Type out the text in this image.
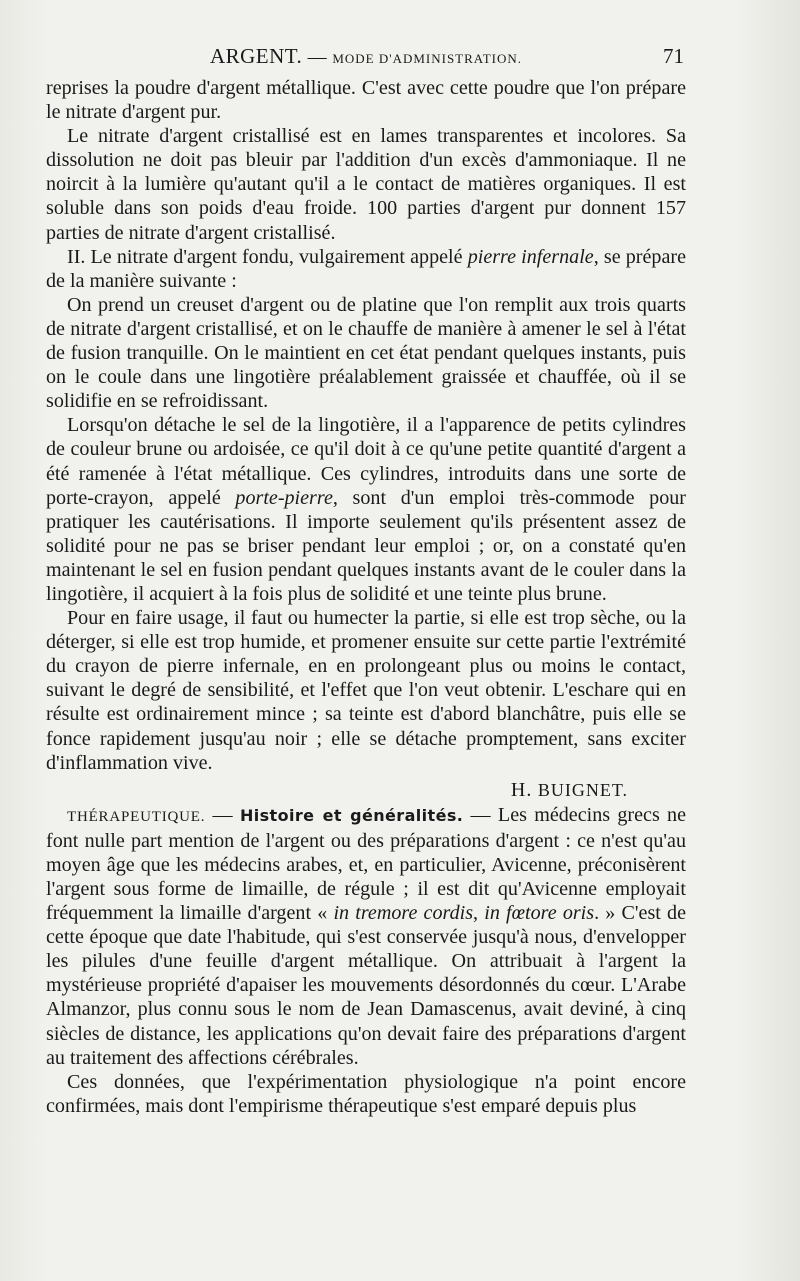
ARGENT. — MODE D'ADMINISTRATION.	71

reprises la poudre d'argent métallique. C'est avec cette poudre que l'on prépare le nitrate d'argent pur.

Le nitrate d'argent cristallisé est en lames transparentes et incolores. Sa dissolution ne doit pas bleuir par l'addition d'un excès d'ammoniaque. Il ne noircit à la lumière qu'autant qu'il a le contact de matières organiques. Il est soluble dans son poids d'eau froide. 100 parties d'argent pur donnent 157 parties de nitrate d'argent cristallisé.

II. Le nitrate d'argent fondu, vulgairement appelé pierre infernale, se prépare de la manière suivante :

On prend un creuset d'argent ou de platine que l'on remplit aux trois quarts de nitrate d'argent cristallisé, et on le chauffe de manière à amener le sel à l'état de fusion tranquille. On le maintient en cet état pendant quelques instants, puis on le coule dans une lingotière préalablement graissée et chauffée, où il se solidifie en se refroidissant.

Lorsqu'on détache le sel de la lingotière, il a l'apparence de petits cylindres de couleur brune ou ardoisée, ce qu'il doit à ce qu'une petite quantité d'argent a été ramenée à l'état métallique. Ces cylindres, introduits dans une sorte de porte-crayon, appelé porte-pierre, sont d'un emploi très-commode pour pratiquer les cautérisations. Il importe seulement qu'ils présentent assez de solidité pour ne pas se briser pendant leur emploi ; or, on a constaté qu'en maintenant le sel en fusion pendant quelques instants avant de le couler dans la lingotière, il acquiert à la fois plus de solidité et une teinte plus brune.

Pour en faire usage, il faut ou humecter la partie, si elle est trop sèche, ou la déterger, si elle est trop humide, et promener ensuite sur cette partie l'extrémité du crayon de pierre infernale, en en prolongeant plus ou moins le contact, suivant le degré de sensibilité, et l'effet que l'on veut obtenir. L'eschare qui en résulte est ordinairement mince ; sa teinte est d'abord blanchâtre, puis elle se fonce rapidement jusqu'au noir ; elle se détache promptement, sans exciter d'inflammation vive.

H. BUIGNET.

THÉRAPEUTIQUE. — Histoire et généralités. — Les médecins grecs ne font nulle part mention de l'argent ou des préparations d'argent : ce n'est qu'au moyen âge que les médecins arabes, et, en particulier, Avicenne, préconisèrent l'argent sous forme de limaille, de régule ; il est dit qu'Avicenne employait fréquemment la limaille d'argent « in tremore cordis, in fœtore oris. » C'est de cette époque que date l'habitude, qui s'est conservée jusqu'à nous, d'envelopper les pilules d'une feuille d'argent métallique. On attribuait à l'argent la mystérieuse propriété d'apaiser les mouvements désordonnés du cœur. L'Arabe Almanzor, plus connu sous le nom de Jean Damascenus, avait deviné, à cinq siècles de distance, les applications qu'on devait faire des préparations d'argent au traitement des affections cérébrales.

Ces données, que l'expérimentation physiologique n'a point encore confirmées, mais dont l'empirisme thérapeutique s'est emparé depuis plus
